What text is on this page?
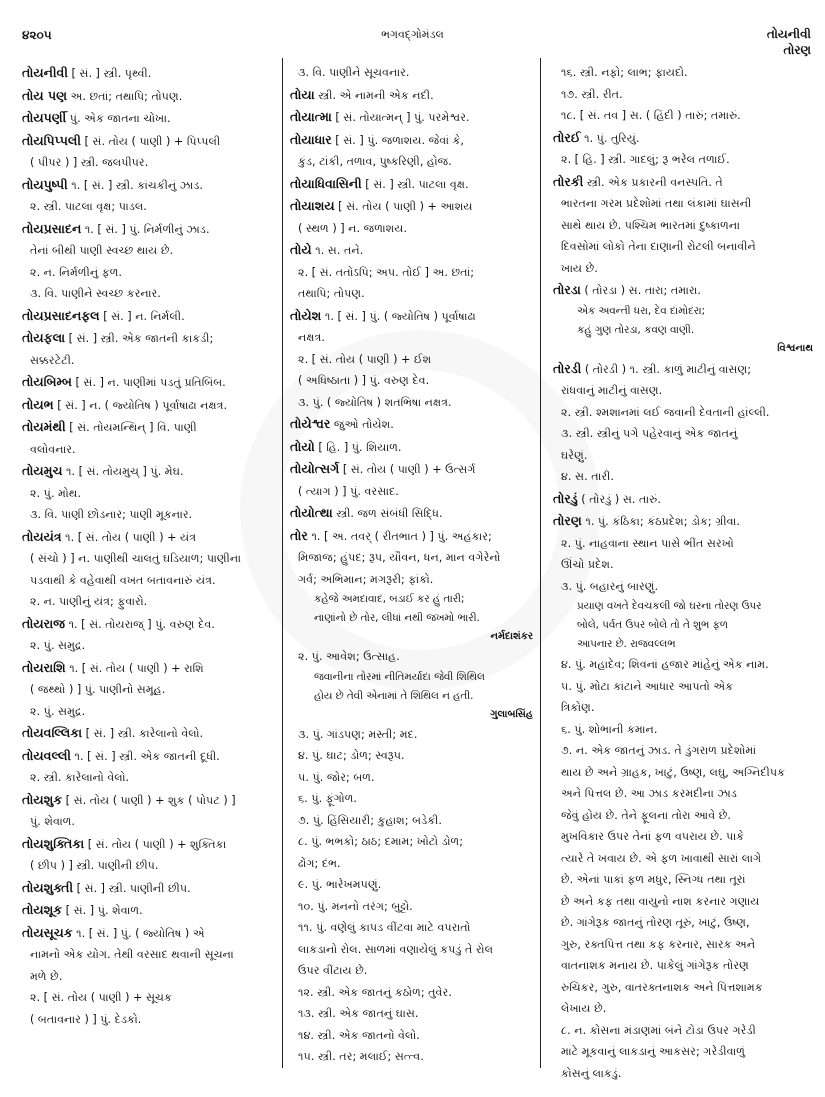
૪૨૦૫	ભગવદ્ગોમંડલ	તોયનીવી
તોરણ
તોયનીવી [ સં. ] સ્ત્રી. પૃથ્વી.
તોય પણ અ. છતાં; તથાપિ; તોપણ.
તોયપર્ણી પું. એક જાતના ચોખા.
તોયપિપ્પલી [ સં. તોય ( પાણી ) + પિપ્પલી
( પીપર ) ] સ્ત્રી. જલપીપર.
તોયપુષ્પી ૧. [ સં. ] સ્ત્રી. કાંચકીનું ઝાડ.
૨. સ્ત્રી. પાટલા વૃક્ષ; પાડલ.
તોયપ્રસાદન ૧. [ સં. ] પું. નિર્મળીનું ઝાડ.
તેનાં બીથી પાણી સ્વચ્છ થાય છે.
૨. ન. નિર્મળીનું ફળ.
૩. વિ. પાણીને સ્વચ્છ કરનાર.
તોયપ્રસાદનફલ [ સં. ] ન. નિર્મલી.
તોયફલા [ સં. ] સ્ત્રી. એક જાતની કાકડી;
સક્કરટેટી.
તોયબિમ્બ [ સં. ] ન. પાણીમાં પડતું પ્રતિબિંબ.
તોયભ [ સં. ] ન. ( જ્યોતિષ ) પૂર્વાષાઢા નક્ષત્ર.
તોયમંથી [ સં. તોયમન્થિન્ ] વિ. પાણી
વલોવનાર.
તોયમુચ ૧. [ સં. તોયમુચ્ ] પું. મેઘ.
૨. પું. મોથ.
૩. વિ. પાણી છોડનાર; પાણી મૂકનાર.
તોયયંત્ર ૧. [ સં. તોય ( પાણી ) + યંત્ર
( સંચો ) ] ન. પાણીથી ચાલતું ઘડિયાળ; પાણીના
પડવાથી કે વહેવાથી વખત બતાવનારું યંત્ર.
૨. ન. પાણીનું યંત્ર; ફુવારો.
તોયરાજ ૧. [ સં. તોયરાજ્ ] પું. વરુણ દેવ.
૨. પું. સમુદ્ર.
તોયરાશિ ૧. [ સં. તોય ( પાણી ) + રાશિ
( જથ્થો ) ] પું. પાણીનો સમૂહ.
૨. પું. સમુદ્ર.
તોયવલ્લિકા [ સં. ] સ્ત્રી. કારેલાનો વેલો.
તોયવલ્લી ૧. [ સં. ] સ્ત્રી. એક જાતની દૂધી.
૨. સ્ત્રી. કારેલાનો વેલો.
તોયશુક [ સં. તોય ( પાણી ) + શુક ( પોપટ ) ]
પું. શેવાળ.
તોયશુક્તિકા [ સં. તોય ( પાણી ) + શુક્તિકા
( છીપ ) ] સ્ત્રી. પાણીની છીપ.
તોયશુક્તી [ સં. ] સ્ત્રી. પાણીની છીપ.
તોયશૂક [ સં. ] પું. શેવાળ.
તોયસૂચક ૧. [ સં. ] પું. ( જ્યોતિષ ) એ
નામનો એક યોગ. તેથી વરસાદ થવાની સૂચના
મળે છે.
૨. [ સં. તોય ( પાણી ) + સૂચક
( બતાવનાર ) ] પું. દેડકો.
૩. વિ. પાણીને સૂચવનાર.
તોયા સ્ત્રી. એ નામની એક નદી.
તોયાત્મા [ સં. તોયાત્મન્ ] પું. પરમેશ્વર.
તોયાધાર [ સં. ] પું. જળાશય. જેવાં કે,
કુંડ, ટાંકી, તળાવ, પુષ્કરિણી, હોજ.
તોયાધિવાસિની [ સં. ] સ્ત્રી. પાટલા વૃક્ષ.
તોયાશય [ સં. તોય ( પાણી ) + આશય
( સ્થળ ) ] ન. જળાશય.
તોયે ૧. સ. તને.
૨. [ સં. તતોઽપિ; અપ. તોઈ ] અ. છતાં;
તથાપિ; તોપણ.
તોયેશ ૧. [ સં. ] પું. ( જ્યોતિષ ) પૂર્વાષાઢા
નક્ષત્ર.
૨. [ સં. તોય ( પાણી ) + ઈશ
( અધિષ્ઠાતા ) ] પું. વરુણ દેવ.
૩. પું. ( જ્યોતિષ ) શતભિષા નક્ષત્ર.
તોયેશ્વર જુઓ તોયેશ.
તોયો [ હિ. ] પું. શિયાળ.
તોયોત્સર્ગ [ સં. તોય ( પાણી ) + ઉત્સર્ગ
( ત્યાગ ) ] પું. વરસાદ.
તોયોત્થા સ્ત્રી. જળ સંબંધી સિદ્ધિ.
તોર ૧. [ અ. તવર્ ( રીતભાત ) ] પું. અહંકાર;
મિજાજ; હુંપદ; રૂપ, યૌવન, ધન, માન વગેરેનો
ગર્વ; અભિમાન; મગરૂરી; ફાંકો.
કહેજે અમદાવાદ, બડાઈ કર હું તારી;
નાણાંનો છે તોર, લીધાં નથી જખમો ભારી.
નર્મદાશંકર
૨. પું. આવેશ; ઉત્સાહ.
જવાનીના તોરમાં નીતિમર્યાદા જેવી શિથિલ
હોય છે તેવી એનામાં તે શિથિલ ન હતી.
ગુલાબસિંહ
૩. પું. ગાંડપણ; મસ્તી; મદ.
૪. પું. ઘાટ; ડોળ; સ્વરૂપ.
૫. પું. જોર; બળ.
૬. પું. ફૂંગોળ.
૭. પું. હિંસિયારી; કુહાશ; બડેકી.
૮. પું. ભભકો; ઠાઠ; દમામ; ખોટો ડોળ;
ઢોંગ; દંભ.
૯. પું. ભારેખમપણું.
૧૦. પું. મનનો તરંગ; બુટ્ટો.
૧૧. પું. વણેલું કાપડ વીંટવા માટે વપરાતો
લાકડાનો રોલ. સાળમાં વણાયેલું કપડું તે રોલ
ઉપર વીંટાય છે.
૧૨. સ્ત્રી. એક જાતનું કઠોળ; તુવેર.
૧૩. સ્ત્રી. એક જાતનું ઘાસ.
૧૪. સ્ત્રી. એક જાતનો વેલો.
૧૫. સ્ત્રી. તર; મલાઈ; સત્ત્વ.
૧૬. સ્ત્રી. નફો; લાભ; ફાયદો.
૧૭. સ્ત્રી. રીત.
૧૮. [ સં. તવ ] સ. ( હિંદી ) તારું; તમારું.
તોરઈ ૧. પું. તુરિયું.
૨. [ હિ. ] સ્ત્રી. ગાદલું; રૂ ભરેલ તળાઈ.
તોરકી સ્ત્રી. એક પ્રકારની વનસ્પતિ. તે
ભારતના ગરમ પ્રદેશોમાં તથા લંકામાં ઘાસની
સાથે થાય છે. પશ્ચિમ ભારતમાં દુષ્કાળના
દિવસોમાં લોકો તેના દાણાની રોટલી બનાવીને
ખાય છે.
તોરડા ( તોરડા ) સ. તારા; તમારા.
એક અવન્તી ધરા, દેવ દામોદરા;
કહું ગુણ તોરડા, કવણ વાણી.
વિશ્વનાથ
તોરડી ( તોરડી ) ૧. સ્ત્રી. કાળું માટીનું વાસણ;
રાંધવાનું માટીનું વાસણ.
૨. સ્ત્રી. શ્મશાનમાં લઈ જવાની દેવતાની હાંલ્લી.
૩. સ્ત્રી. સ્ત્રીનું પગે પહેરવાનું એક જાતનું
ઘરેણું.
૪. સ. તારી.
તોરડું ( તોરડું ) સ. તારું.
તોરણ ૧. પું. કંઠિકા; કંઠપ્રદેશ; ડોક; ગ્રીવા.
૨. પું. નાહવાના સ્થાન પાસે ભીંત સરખો
ઊંચો પ્રદેશ.
૩. પું. બહારનું બારણું.
પ્રયાણ વખતે દેવચકલી જો ઘરના તોરણ ઉપર
બોલે, પર્વત ઉપર બોલે તો તે શુભ ફળ
આપનાર છે. રાજવલ્લભ
૪. પું. મહાદેવ; શિવનાં હજાર માંહેનું એક નામ.
૫. પું. મોટા કાંટાને આધાર આપતો એક
ત્રિકોણ.
૬. પું. શોભાની કમાન.
૭. ન. એક જાતનું ઝાડ. તે ડુંગરાળ પ્રદેશોમાં
થાય છે અને ગ્રાહક, ખાટું, ઉષ્ણ, લઘુ, અગ્નિદીપક
અને પિત્તલ છે. આ ઝાડ કરમદીના ઝાડ
જેવું હોય છે. તેને ફૂલના તોરા આવે છે.
મુખવિકાર ઉપર તેનાં ફળ વપરાય છે. પાકે
ત્યારે તે ખવાય છે. એ ફળ ખાવાથી સારાં લાગે
છે. એનાં પાકાં ફળ મધુર, સ્નિગ્ધ તથા તૂરાં
છે અને કફ તથા વાયુનો નાશ કરનાર ગણાય
છે. ગાંગેરૂક જાતનું તોરણ તૂરું, ખાટું, ઉષ્ણ,
ગુરુ, રક્તપિત્ત તથા કફ કરનાર, સારક અને
વાતનાશક મનાય છે. પાકેલું ગાંગેરૂક તોરણ
રુચિકર, ગુરુ, વાતરક્તનાશક અને પિત્તશામક
લેખાય છે.
૮. ન. કોસના મંડાણમાં બંને ટોડા ઉપર ગરેડી
માટે મૂકવાનું લાકડાનું આકસર; ગરેડીવાળું
કોસનું લાકડું.
